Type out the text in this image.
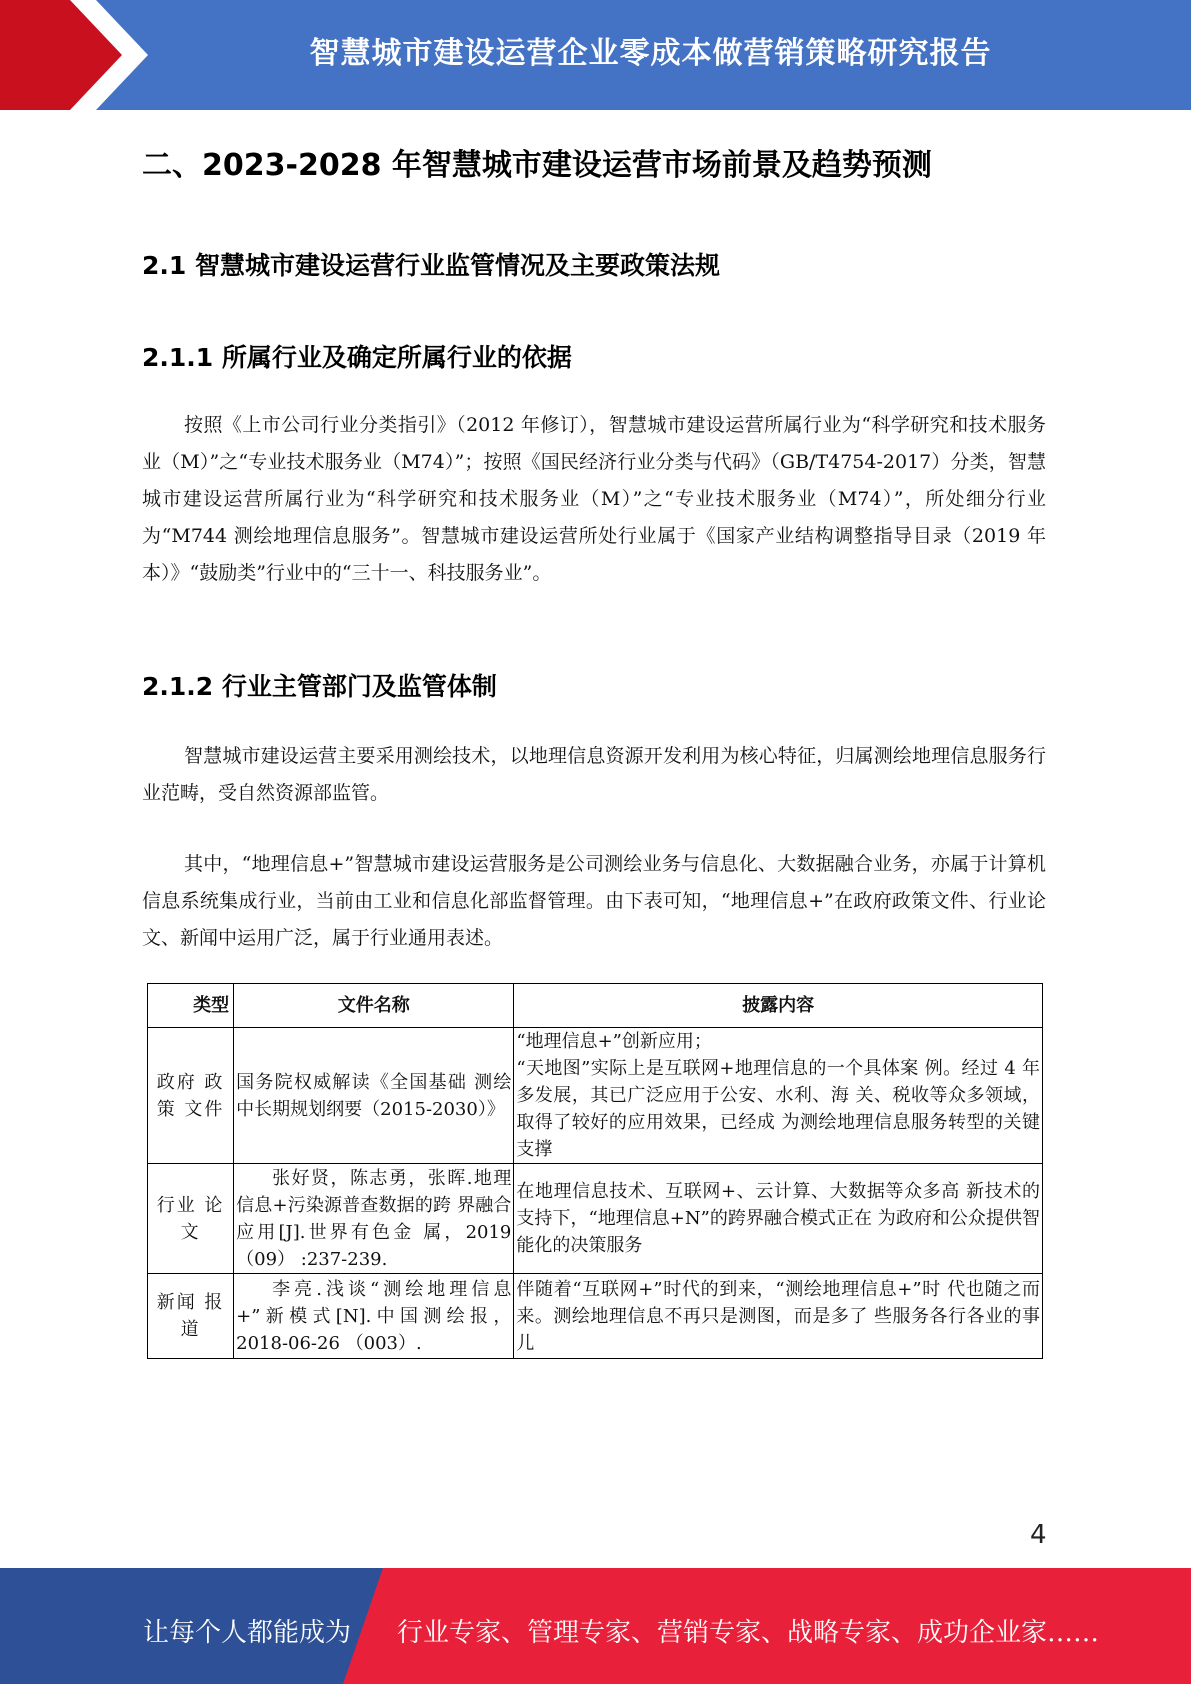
智慧城市建设运营企业零成本做营销策略研究报告
二、2023-2028 年智慧城市建设运营市场前景及趋势预测
2.1 智慧城市建设运营行业监管情况及主要政策法规
2.1.1 所属行业及确定所属行业的依据

按照《上市公司行业分类指引》（2012 年修订），智慧城市建设运营所属行业为“科学研究和技术服务业（M）”之“专业技术服务业（M74）”；按照《国民经济行业分类与代码》（GB/T4754-2017）分类，智慧城市建设运营所属行业为“科学研究和技术服务业（M）”之“专业技术服务业（M74）”，所处细分行业为“M744 测绘地理信息服务”。智慧城市建设运营所处行业属于《国家产业结构调整指导目录（2019 年本）》“鼓励类”行业中的“三十一、科技服务业”。

2.1.2 行业主管部门及监管体制

智慧城市建设运营主要采用测绘技术，以地理信息资源开发利用为核心特征，归属测绘地理信息服务行业范畴，受自然资源部监管。

其中，“地理信息+”智慧城市建设运营服务是公司测绘业务与信息化、大数据融合业务，亦属于计算机信息系统集成行业，当前由工业和信息化部监督管理。由下表可知，“地理信息+”在政府政策文件、行业论文、新闻中运用广泛，属于行业通用表述。

类型	文件名称	披露内容
政府 政策 文件	国务院权威解读《全国基础 测绘中长期规划纲要（2015-2030）》	“地理信息+”创新应用；
“天地图”实际上是互联网+地理信息的一个具体案 例。经过 4 年多发展，其已广泛应用于公安、水利、海 关、税收等众多领域，取得了较好的应用效果，已经成 为测绘地理信息服务转型的关键支撑

行业 论文	张好贤，陈志勇，张晖.地理信息+污染源普查数据的跨 界融合应用[J].世界有色金 属，2019（09） :237-239.	在地理信息技术、互联网+、云计算、大数据等众多高 新技术的支持下，“地理信息+N”的跨界融合模式正在 为政府和公众提供智能化的决策服务
新闻 报道	李亮.浅谈“测绘地理信息 +”新模式[N].中国测绘报， 2018-06-26 （003）.	伴随着“互联网+”时代的到来，“测绘地理信息+”时 代也随之而来。测绘地理信息不再只是测图，而是多了 些服务各行各业的事儿
4
让每个人都能成为 行业专家、管理专家、营销专家、战略专家、成功企业家……
